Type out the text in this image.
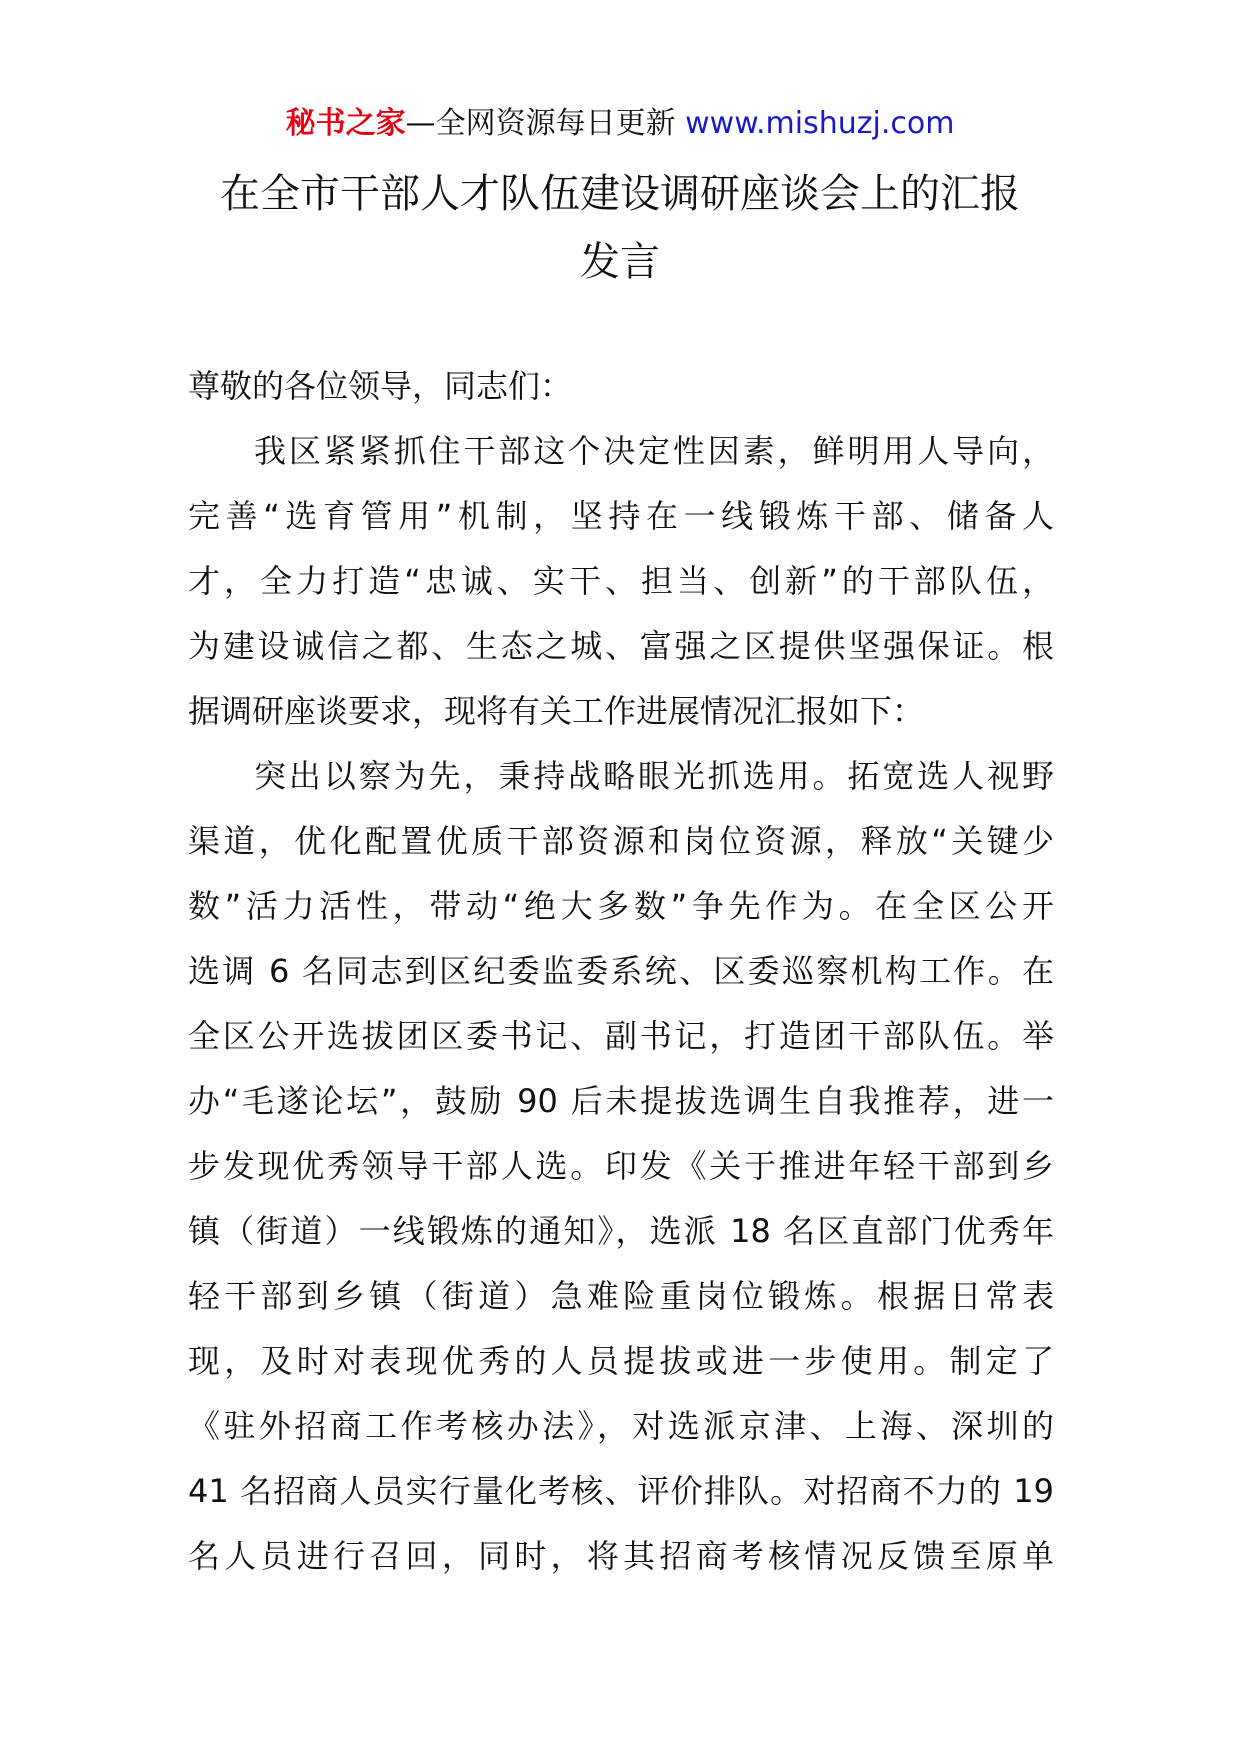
秘书之家—全网资源每日更新 www.mishuzj.com
在全市干部人才队伍建设调研座谈会上的汇报
发言
尊敬的各位领导，同志们：
我区紧紧抓住干部这个决定性因素，鲜明用人导向，
完善“选育管用”机制，坚持在一线锻炼干部、储备人
才，全力打造“忠诚、实干、担当、创新”的干部队伍，
为建设诚信之都、生态之城、富强之区提供坚强保证。根
据调研座谈要求，现将有关工作进展情况汇报如下：
突出以察为先，秉持战略眼光抓选用。拓宽选人视野
渠道，优化配置优质干部资源和岗位资源，释放“关键少
数”活力活性，带动“绝大多数”争先作为。在全区公开
选调 6 名同志到区纪委监委系统、区委巡察机构工作。在
全区公开选拔团区委书记、副书记，打造团干部队伍。举
办“毛遂论坛”，鼓励 90 后未提拔选调生自我推荐，进一
步发现优秀领导干部人选。印发《关于推进年轻干部到乡
镇（街道）一线锻炼的通知》，选派 18 名区直部门优秀年
轻干部到乡镇（街道）急难险重岗位锻炼。根据日常表
现，及时对表现优秀的人员提拔或进一步使用。制定了
《驻外招商工作考核办法》，对选派京津、上海、深圳的
41 名招商人员实行量化考核、评价排队。对招商不力的 19
名人员进行召回，同时，将其招商考核情况反馈至原单
